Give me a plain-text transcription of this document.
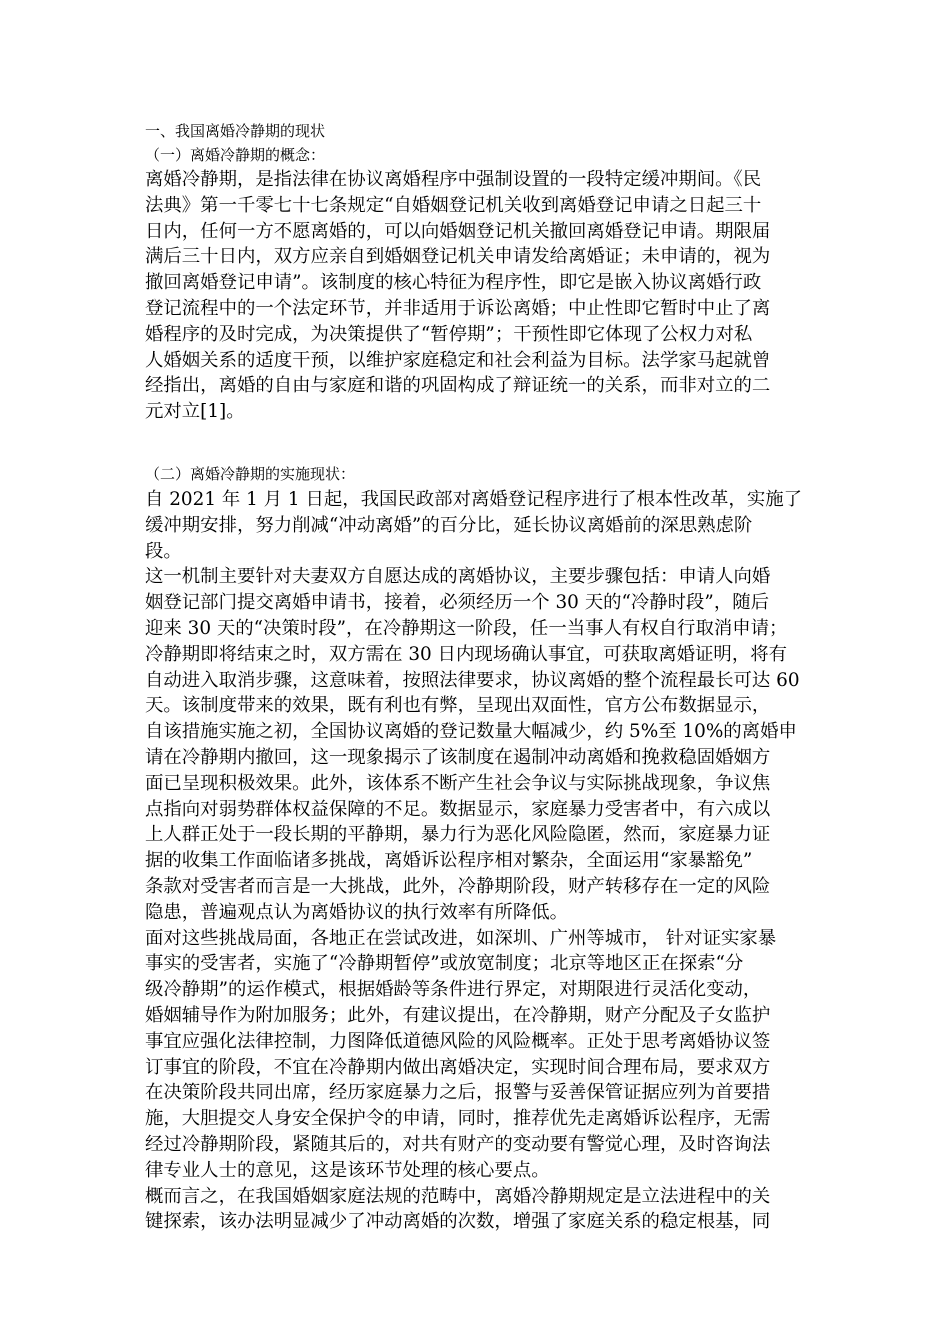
一、我国离婚冷静期的现状
（一）离婚冷静期的概念：
离婚冷静期，是指法律在协议离婚程序中强制设置的一段特定缓冲期间。《民
法典》第一千零七十七条规定“自婚姻登记机关收到离婚登记申请之日起三十
日内，任何一方不愿离婚的，可以向婚姻登记机关撤回离婚登记申请。期限届
满后三十日内，双方应亲自到婚姻登记机关申请发给离婚证；未申请的，视为
撤回离婚登记申请”。该制度的核心特征为程序性，即它是嵌入协议离婚行政
登记流程中的一个法定环节，并非适用于诉讼离婚；中止性即它暂时中止了离
婚程序的及时完成，为决策提供了“暂停期”；干预性即它体现了公权力对私
人婚姻关系的适度干预，以维护家庭稳定和社会利益为目标。法学家马起就曾
经指出，离婚的自由与家庭和谐的巩固构成了辩证统一的关系，而非对立的二
元对立[1]。
（二）离婚冷静期的实施现状：
自 2021 年 1 月 1 日起，我国民政部对离婚登记程序进行了根本性改革，实施了
缓冲期安排，努力削减“冲动离婚”的百分比，延长协议离婚前的深思熟虑阶
段。
这一机制主要针对夫妻双方自愿达成的离婚协议，主要步骤包括：申请人向婚
姻登记部门提交离婚申请书，接着，必须经历一个 30 天的“冷静时段”，随后
迎来 30 天的“决策时段”，在冷静期这一阶段，任一当事人有权自行取消申请；
冷静期即将结束之时，双方需在 30 日内现场确认事宜，可获取离婚证明，将有
自动进入取消步骤，这意味着，按照法律要求，协议离婚的整个流程最长可达 60
天。该制度带来的效果，既有利也有弊，呈现出双面性，官方公布数据显示，
自该措施实施之初，全国协议离婚的登记数量大幅减少，约 5%至 10%的离婚申
请在冷静期内撤回，这一现象揭示了该制度在遏制冲动离婚和挽救稳固婚姻方
面已呈现积极效果。此外，该体系不断产生社会争议与实际挑战现象，争议焦
点指向对弱势群体权益保障的不足。数据显示，家庭暴力受害者中，有六成以
上人群正处于一段长期的平静期，暴力行为恶化风险隐匿，然而，家庭暴力证
据的收集工作面临诸多挑战，离婚诉讼程序相对繁杂，全面运用“家暴豁免”
条款对受害者而言是一大挑战，此外，冷静期阶段，财产转移存在一定的风险
隐患，普遍观点认为离婚协议的执行效率有所降低。
面对这些挑战局面，各地正在尝试改进，如深圳、广州等城市， 针对证实家暴
事实的受害者，实施了“冷静期暂停”或放宽制度；北京等地区正在探索“分
级冷静期”的运作模式，根据婚龄等条件进行界定，对期限进行灵活化变动，
婚姻辅导作为附加服务；此外，有建议提出，在冷静期，财产分配及子女监护
事宜应强化法律控制，力图降低道德风险的风险概率。正处于思考离婚协议签
订事宜的阶段，不宜在冷静期内做出离婚决定，实现时间合理布局，要求双方
在决策阶段共同出席，经历家庭暴力之后，报警与妥善保管证据应列为首要措
施，大胆提交人身安全保护令的申请，同时，推荐优先走离婚诉讼程序，无需
经过冷静期阶段，紧随其后的，对共有财产的变动要有警觉心理，及时咨询法
律专业人士的意见，这是该环节处理的核心要点。
概而言之，在我国婚姻家庭法规的范畴中，离婚冷静期规定是立法进程中的关
键探索，该办法明显减少了冲动离婚的次数，增强了家庭关系的稳定根基，同
